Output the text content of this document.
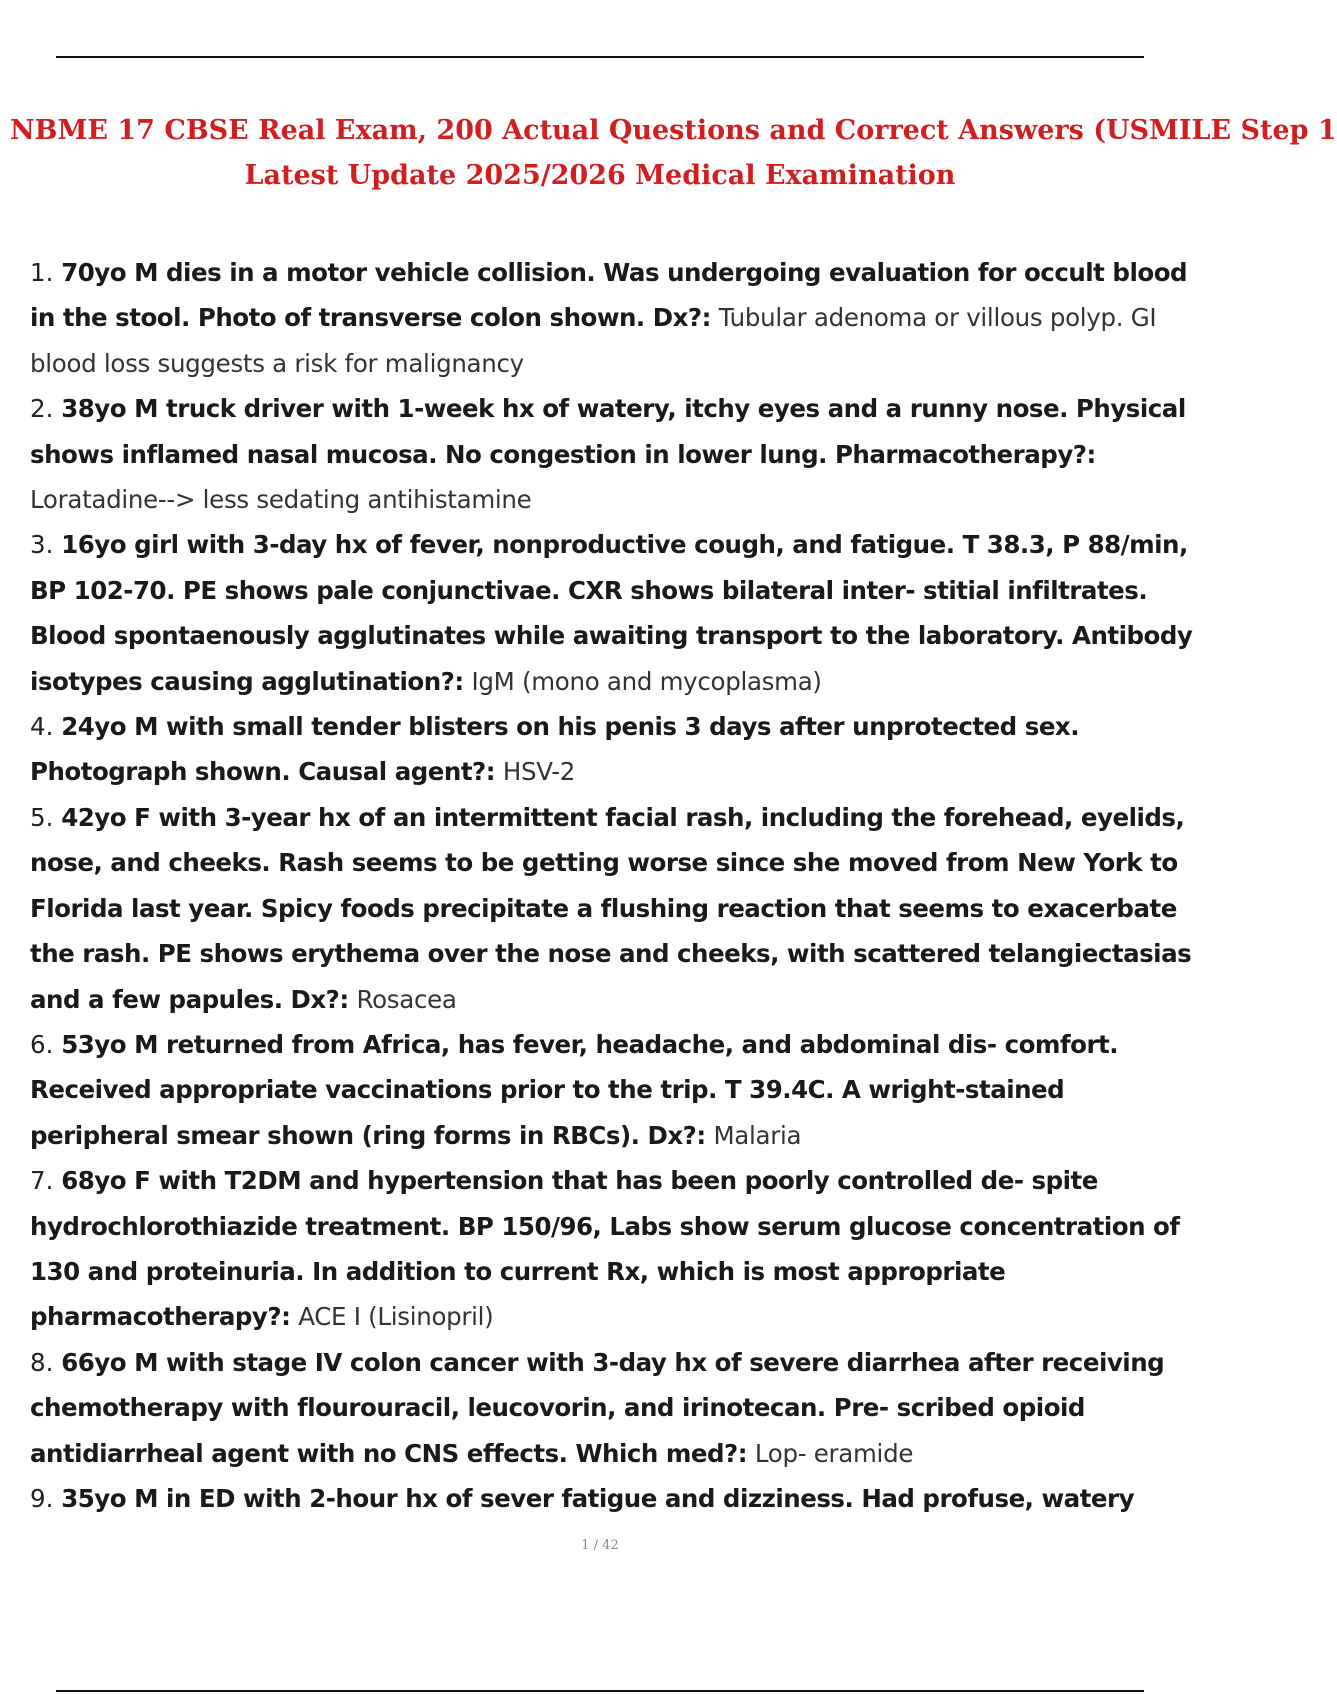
NBME 17 CBSE Real Exam, 200 Actual Questions and Correct Answers (USMILE Step 1
Latest Update 2025/2026 Medical Examination
1. 70yo M dies in a motor vehicle collision. Was undergoing evaluation for occult blood in the stool. Photo of transverse colon shown. Dx?: Tubular adenoma or villous polyp. GI blood loss suggests a risk for malignancy
2. 38yo M truck driver with 1-week hx of watery, itchy eyes and a runny nose. Physical shows inflamed nasal mucosa. No congestion in lower lung. Pharmacotherapy?: Loratadine--> less sedating antihistamine
3. 16yo girl with 3-day hx of fever, nonproductive cough, and fatigue. T 38.3, P 88/min, BP 102-70. PE shows pale conjunctivae. CXR shows bilateral inter- stitial infiltrates. Blood spontaenously agglutinates while awaiting transport to the laboratory. Antibody isotypes causing agglutination?: IgM (mono and mycoplasma)
4. 24yo M with small tender blisters on his penis 3 days after unprotected sex. Photograph shown. Causal agent?: HSV-2
5. 42yo F with 3-year hx of an intermittent facial rash, including the forehead, eyelids, nose, and cheeks. Rash seems to be getting worse since she moved from New York to Florida last year. Spicy foods precipitate a flushing reaction that seems to exacerbate the rash. PE shows erythema over the nose and cheeks, with scattered telangiectasias and a few papules. Dx?: Rosacea
6. 53yo M returned from Africa, has fever, headache, and abdominal dis- comfort. Received appropriate vaccinations prior to the trip. T 39.4C. A wright-stained peripheral smear shown (ring forms in RBCs). Dx?: Malaria
7. 68yo F with T2DM and hypertension that has been poorly controlled de- spite hydrochlorothiazide treatment. BP 150/96, Labs show serum glucose concentration of 130 and proteinuria. In addition to current Rx, which is most appropriate pharmacotherapy?: ACE I (Lisinopril)
8. 66yo M with stage IV colon cancer with 3-day hx of severe diarrhea after receiving chemotherapy with flourouracil, leucovorin, and irinotecan. Pre- scribed opioid antidiarrheal agent with no CNS effects. Which med?: Lop- eramide
9. 35yo M in ED with 2-hour hx of sever fatigue and dizziness. Had profuse, watery
1 / 42
